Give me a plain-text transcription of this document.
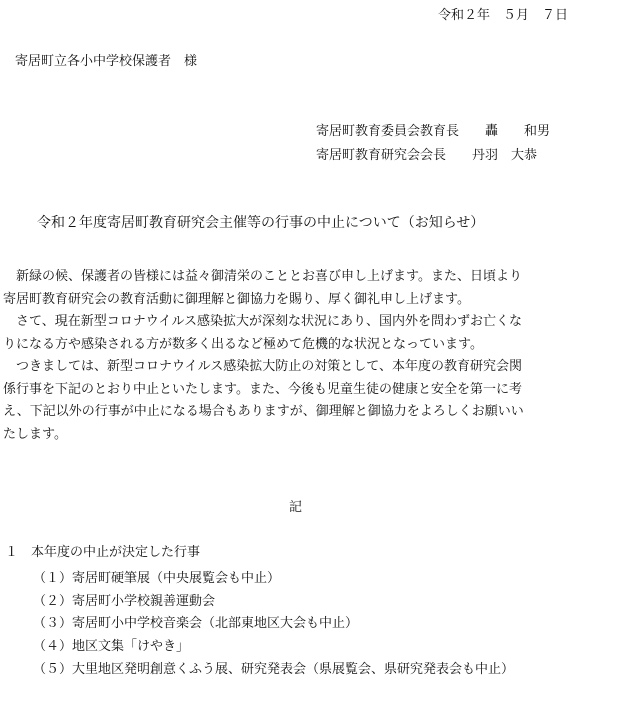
令和２年　５月　７日
寄居町立各小中学校保護者　様
寄居町教育委員会教育長　　轟　　和男
寄居町教育研究会会長　　丹羽　大恭
令和２年度寄居町教育研究会主催等の行事の中止について（お知らせ）
　新緑の候、保護者の皆様には益々御清栄のこととお喜び申し上げます。また、日頃より
寄居町教育研究会の教育活動に御理解と御協力を賜り、厚く御礼申し上げます。
　さて、現在新型コロナウイルス感染拡大が深刻な状況にあり、国内外を問わずお亡くな
りになる方や感染される方が数多く出るなど極めて危機的な状況となっています。
　つきましては、新型コロナウイルス感染拡大防止の対策として、本年度の教育研究会関
係行事を下記のとおり中止といたします。また、今後も児童生徒の健康と安全を第一に考
え、下記以外の行事が中止になる場合もありますが、御理解と御協力をよろしくお願いい
たします。
記
１　本年度の中止が決定した行事
（１）寄居町硬筆展（中央展覧会も中止）
（２）寄居町小学校親善運動会
（３）寄居町小中学校音楽会（北部東地区大会も中止）
（４）地区文集「けやき」
（５）大里地区発明創意くふう展、研究発表会（県展覧会、県研究発表会も中止）
